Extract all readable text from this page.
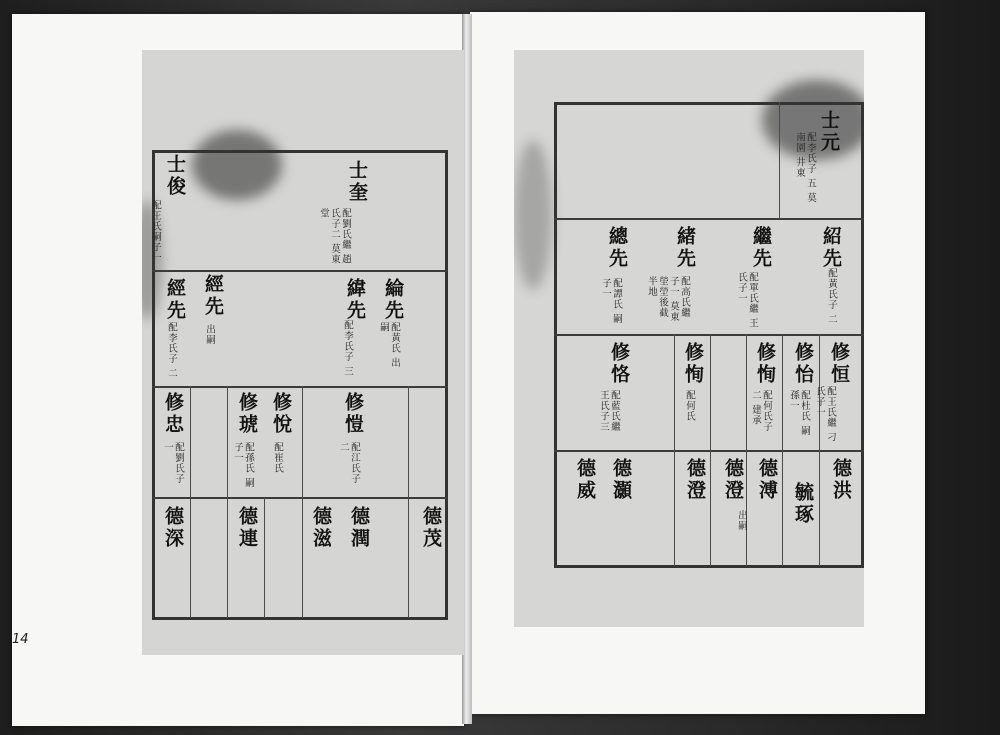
士奎
配劉氏繼 趙氏子二 莫東堂
士俊
配王氏嗣子一
綸先
配黃氏 出嗣
緯先
配李氏子 三
經先
出嗣
經先
配李氏子 二
修愷
配江氏子 二
修悅
配崔氏
修琥
配孫氏 嗣子一
修忠
配劉氏子 一
德茂
德潤
德滋
德連
德深
士元
配李氏子 五 莫南園 井東
紹先
配黃氏子 二
繼先
配單氏繼 王氏子一
緒先
配高氏繼 子一 莫東 塋塋後截 半地
總先
配譚氏 嗣子一
修恒
配王氏繼 刁氏子一
修怡
配杜氏 嗣孫一
修恂
配何氏子 二 建承
修恂
配何氏
修恪
配藍氏繼 王氏子三
德洪
毓琢
德溥
德澄
出嗣
德澄
德灝
德威
14
